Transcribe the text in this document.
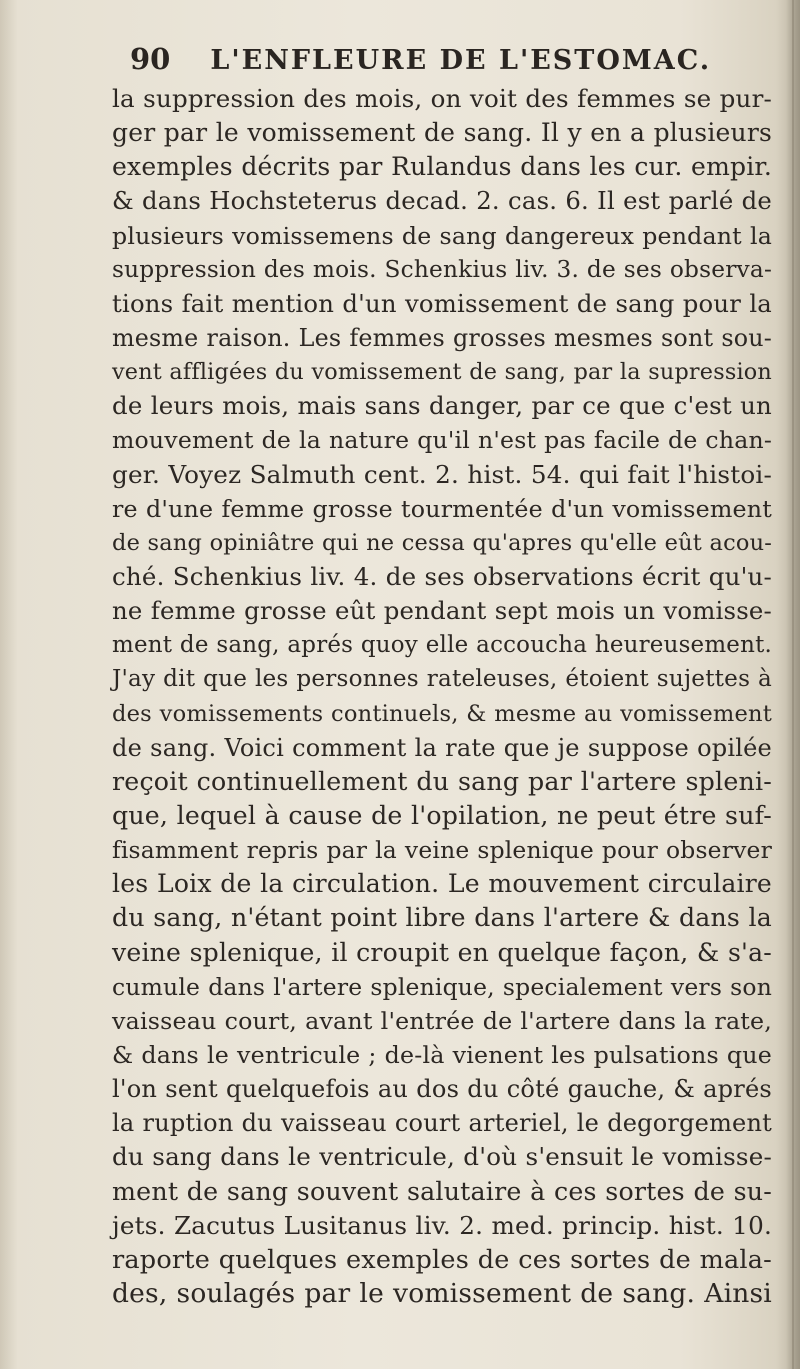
90 L'ENFLEURE DE L'ESTOMAC.
la suppression des mois, on voit des femmes se pur-
ger par le vomissement de sang. Il y en a plusieurs
exemples décrits par Rulandus dans les cur. empir.
& dans Hochsteterus decad. 2. cas. 6. Il est parlé de
plusieurs vomissemens de sang dangereux pendant la
suppression des mois. Schenkius liv. 3. de ses observa-
tions fait mention d'un vomissement de sang pour la
mesme raison. Les femmes grosses mesmes sont sou-
vent affligées du vomissement de sang, par la supression
de leurs mois, mais sans danger, par ce que c'est un
mouvement de la nature qu'il n'est pas facile de chan-
ger. Voyez Salmuth cent. 2. hist. 54. qui fait l'histoi-
re d'une femme grosse tourmentée d'un vomissement
de sang opiniâtre qui ne cessa qu'apres qu'elle eût acou-
ché. Schenkius liv. 4. de ses observations écrit qu'u-
ne femme grosse eût pendant sept mois un vomisse-
ment de sang, aprés quoy elle accoucha heureusement.
J'ay dit que les personnes rateleuses, étoient sujettes à
des vomissements continuels, & mesme au vomissement
de sang. Voici comment la rate que je suppose opilée
reçoit continuellement du sang par l'artere spleni-
que, lequel à cause de l'opilation, ne peut étre suf-
fisamment repris par la veine splenique pour observer
les Loix de la circulation. Le mouvement circulaire
du sang, n'étant point libre dans l'artere & dans la
veine splenique, il croupit en quelque façon, & s'a-
cumule dans l'artere splenique, specialement vers son
vaisseau court, avant l'entrée de l'artere dans la rate,
& dans le ventricule ; de-là vienent les pulsations que
l'on sent quelquefois au dos du côté gauche, & aprés
la ruption du vaisseau court arteriel, le degorgement
du sang dans le ventricule, d'où s'ensuit le vomisse-
ment de sang souvent salutaire à ces sortes de su-
jets. Zacutus Lusitanus liv. 2. med. princip. hist. 10.
raporte quelques exemples de ces sortes de mala-
des, soulagés par le vomissement de sang. Ainsi
